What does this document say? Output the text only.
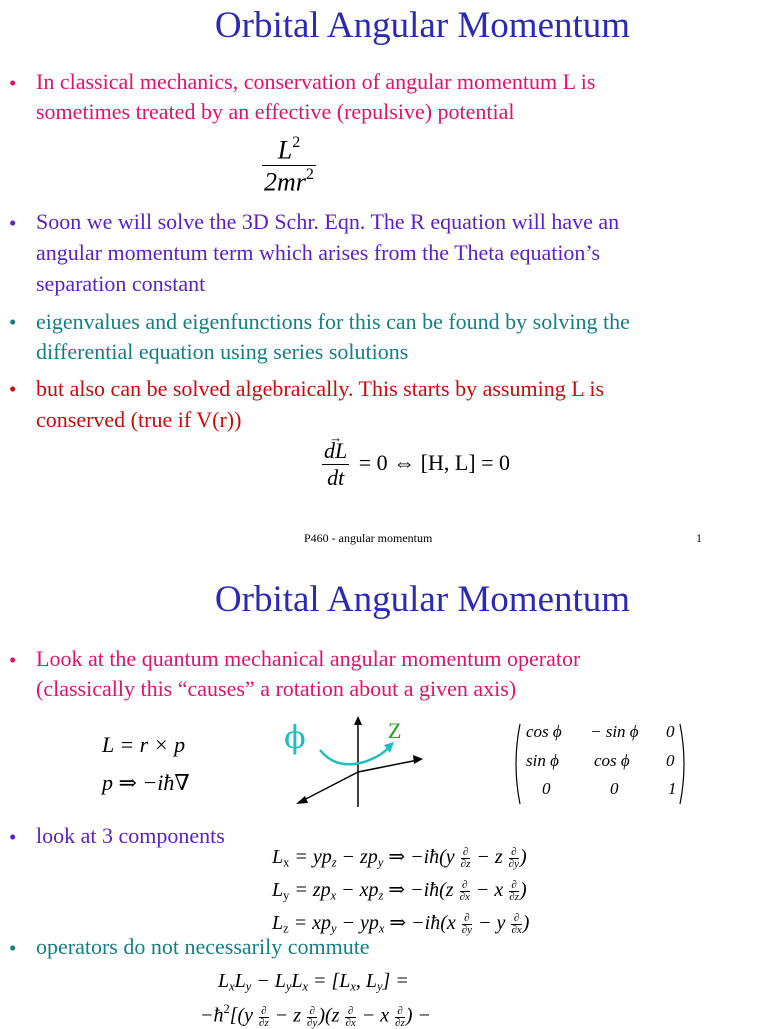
Orbital Angular Momentum
• In classical mechanics, conservation of angular momentum L is
sometimes treated by an effective (repulsive) potential
$\frac{L^2}{2mr^2}$
• Soon we will solve the 3D Schr. Eqn. The R equation will have an
angular momentum term which arises from the Theta equation’s
separation constant
• eigenvalues and eigenfunctions for this can be found by solving the
differential equation using series solutions
• but also can be solved algebraically. This starts by assuming L is
conserved (true if V(r))
→ $\frac{dL}{dt} = 0$ ⇔ [H, L] = 0
P460 - angular momentum	1
Orbital Angular Momentum
• Look at the quantum mechanical angular momentum operator
(classically this “causes” a rotation about a given axis)
L = r × p
p ⇒ −iħ∇
ϕ	Z	cos ϕ − sin ϕ 0
sin ϕ cos ϕ 0
0	0	1
• look at 3 components
$L_x = yp_z - zp_y$ ⇒ −iħ(y ∂
∂z − z ∂
∂y )
$L_y = zp_x - xp_z$ ⇒ −iħ(z ∂
∂x − x ∂
∂z )
$L_z = xp_y - yp_x$ ⇒ −iħ(x ∂
∂y − y ∂
∂x )
• operators do not necessarily commute
$L_xL_y - L_yL_x = [L_x$, $L_y$] =
$-ħ^2[(y$ ∂
∂z − z ∂
∂y )(z ∂
∂x − x ∂
∂z ) −
